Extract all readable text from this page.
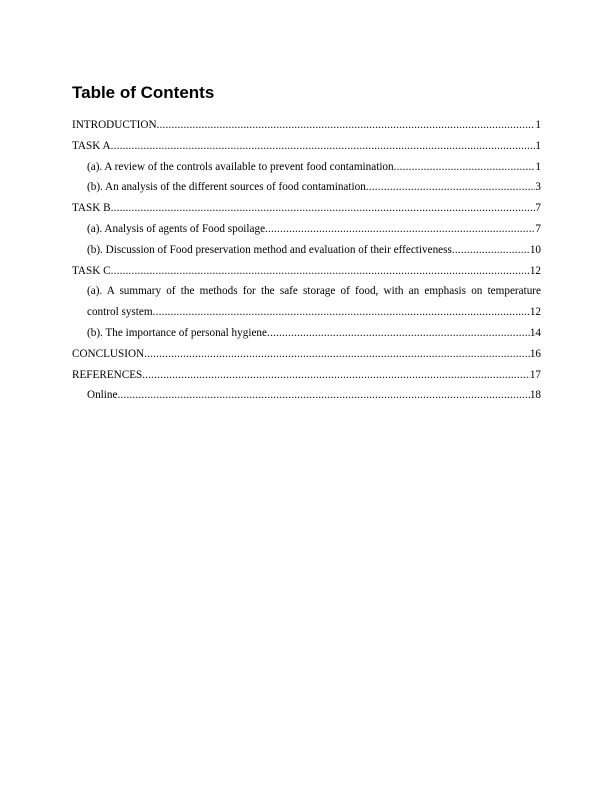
Table of Contents
INTRODUCTION .....	1
TASK A .....	1
(a). A review of the controls available to prevent food contamination .....	1
(b). An analysis of the different sources of food contamination .....	3
TASK B .....	7
(a). Analysis of agents of Food spoilage .....	7
(b). Discussion of Food preservation method and evaluation of their effectiveness .....	10
TASK C .....	12
(a). A summary of the methods for the safe storage of food, with an emphasis on temperature
control system .....	12
(b). The importance of personal hygiene .....	14
CONCLUSION .....	16
REFERENCES .....	17
Online .....	18
